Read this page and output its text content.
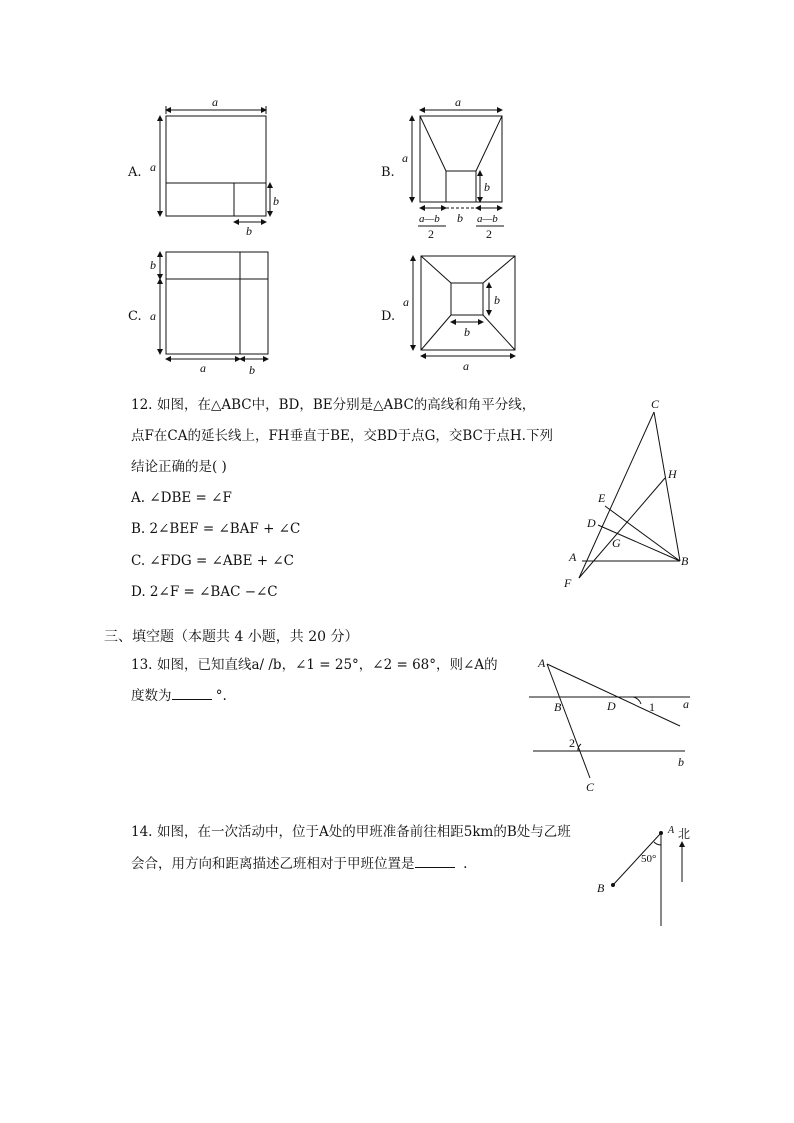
A.
a
a
b
b
B.
a
a
b
a—b
2
b a—b
2
C.
b
a
a	b
D.
a	b
b
a
C
H
E
D
G
A	B
F
A
B	D	1 a
2
b
C
A 北
50°
B
12. 如图，在△ABC中，BD，BE分别是△ABC的高线和角平分线，
点F在CA的延长线上，FH垂直于BE，交BD于点G，交BC于点H.下列
结论正确的是( )
A. ∠DBE = ∠F
B. 2∠BEF = ∠BAF + ∠C
C. ∠FDG = ∠ABE + ∠C
D. 2∠F = ∠BAC −∠C
三、填空题（本题共 4 小题，共 20 分）
13. 如图，已知直线a/ /b，∠1 = 25°，∠2 = 68°，则∠A的
度数为	°.
14. 如图，在一次活动中，位于A处的甲班准备前往相距5km的B处与乙班
会合，用方向和距离描述乙班相对于甲班位置是	.
